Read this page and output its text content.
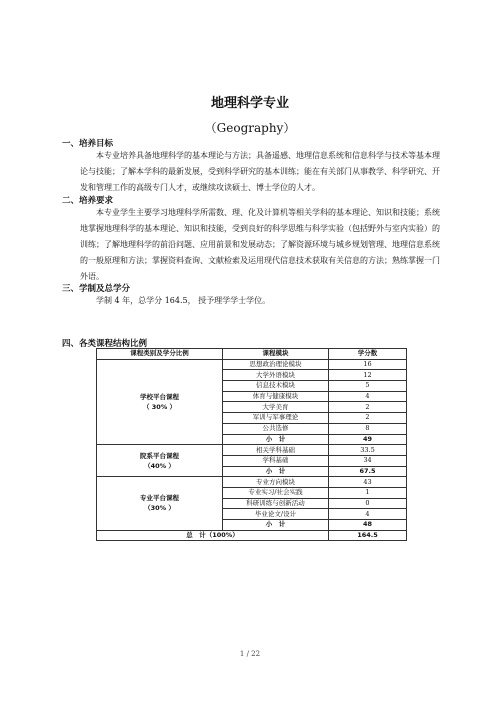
地理科学专业
（Geography）
一、培养目标

本专业培养具备地理科学的基本理论与方法；具备遥感、地理信息系统和信息科学与技术等基本理论与技能；了解本学科的最新发展，受到科学研究的基本训练；能在有关部门从事教学、科学研究、开发和管理工作的高级专门人才，或继续攻读硕士、博士学位的人才。

二、培养要求

本专业学生主要学习地理科学所需数、理、化及计算机等相关学科的基本理论、知识和技能；系统地掌握地理科学的基本理论、知识和技能，受到良好的科学思维与科学实验（包括野外与室内实验）的训练；了解地理科学的前沿问题、应用前景和发展动态；了解资源环境与城乡规划管理、地理信息系统的一般原理和方法；掌握资料查询、文献检索及运用现代信息技术获取有关信息的方法；熟练掌握一门外语。

三、学制及总学分
学制 4 年，总学分 164.5， 授予理学学士学位。
四、各类课程结构比例
课程类别及学分比例	课程模块	学分数
学校平台课程
（ 30% ）	思想政治理论模块	16
	大学外语模块	12
	信息技术模块	5
	体育与健康模块	4
	大学美育	2
	军训与军事理论	2
	公共选修	8
	小　计	49
院系平台课程
（40% ）	相关学科基础	33.5
	学科基础	34
	小　计	67.5
专业平台课程
（30% ）	专业方向模块	43
	专业实习/社会实践	1
	科研训练与创新活动	0
	毕业论文/设计	4
	小　计	48
总　计（100%）		164.5
1 / 22
